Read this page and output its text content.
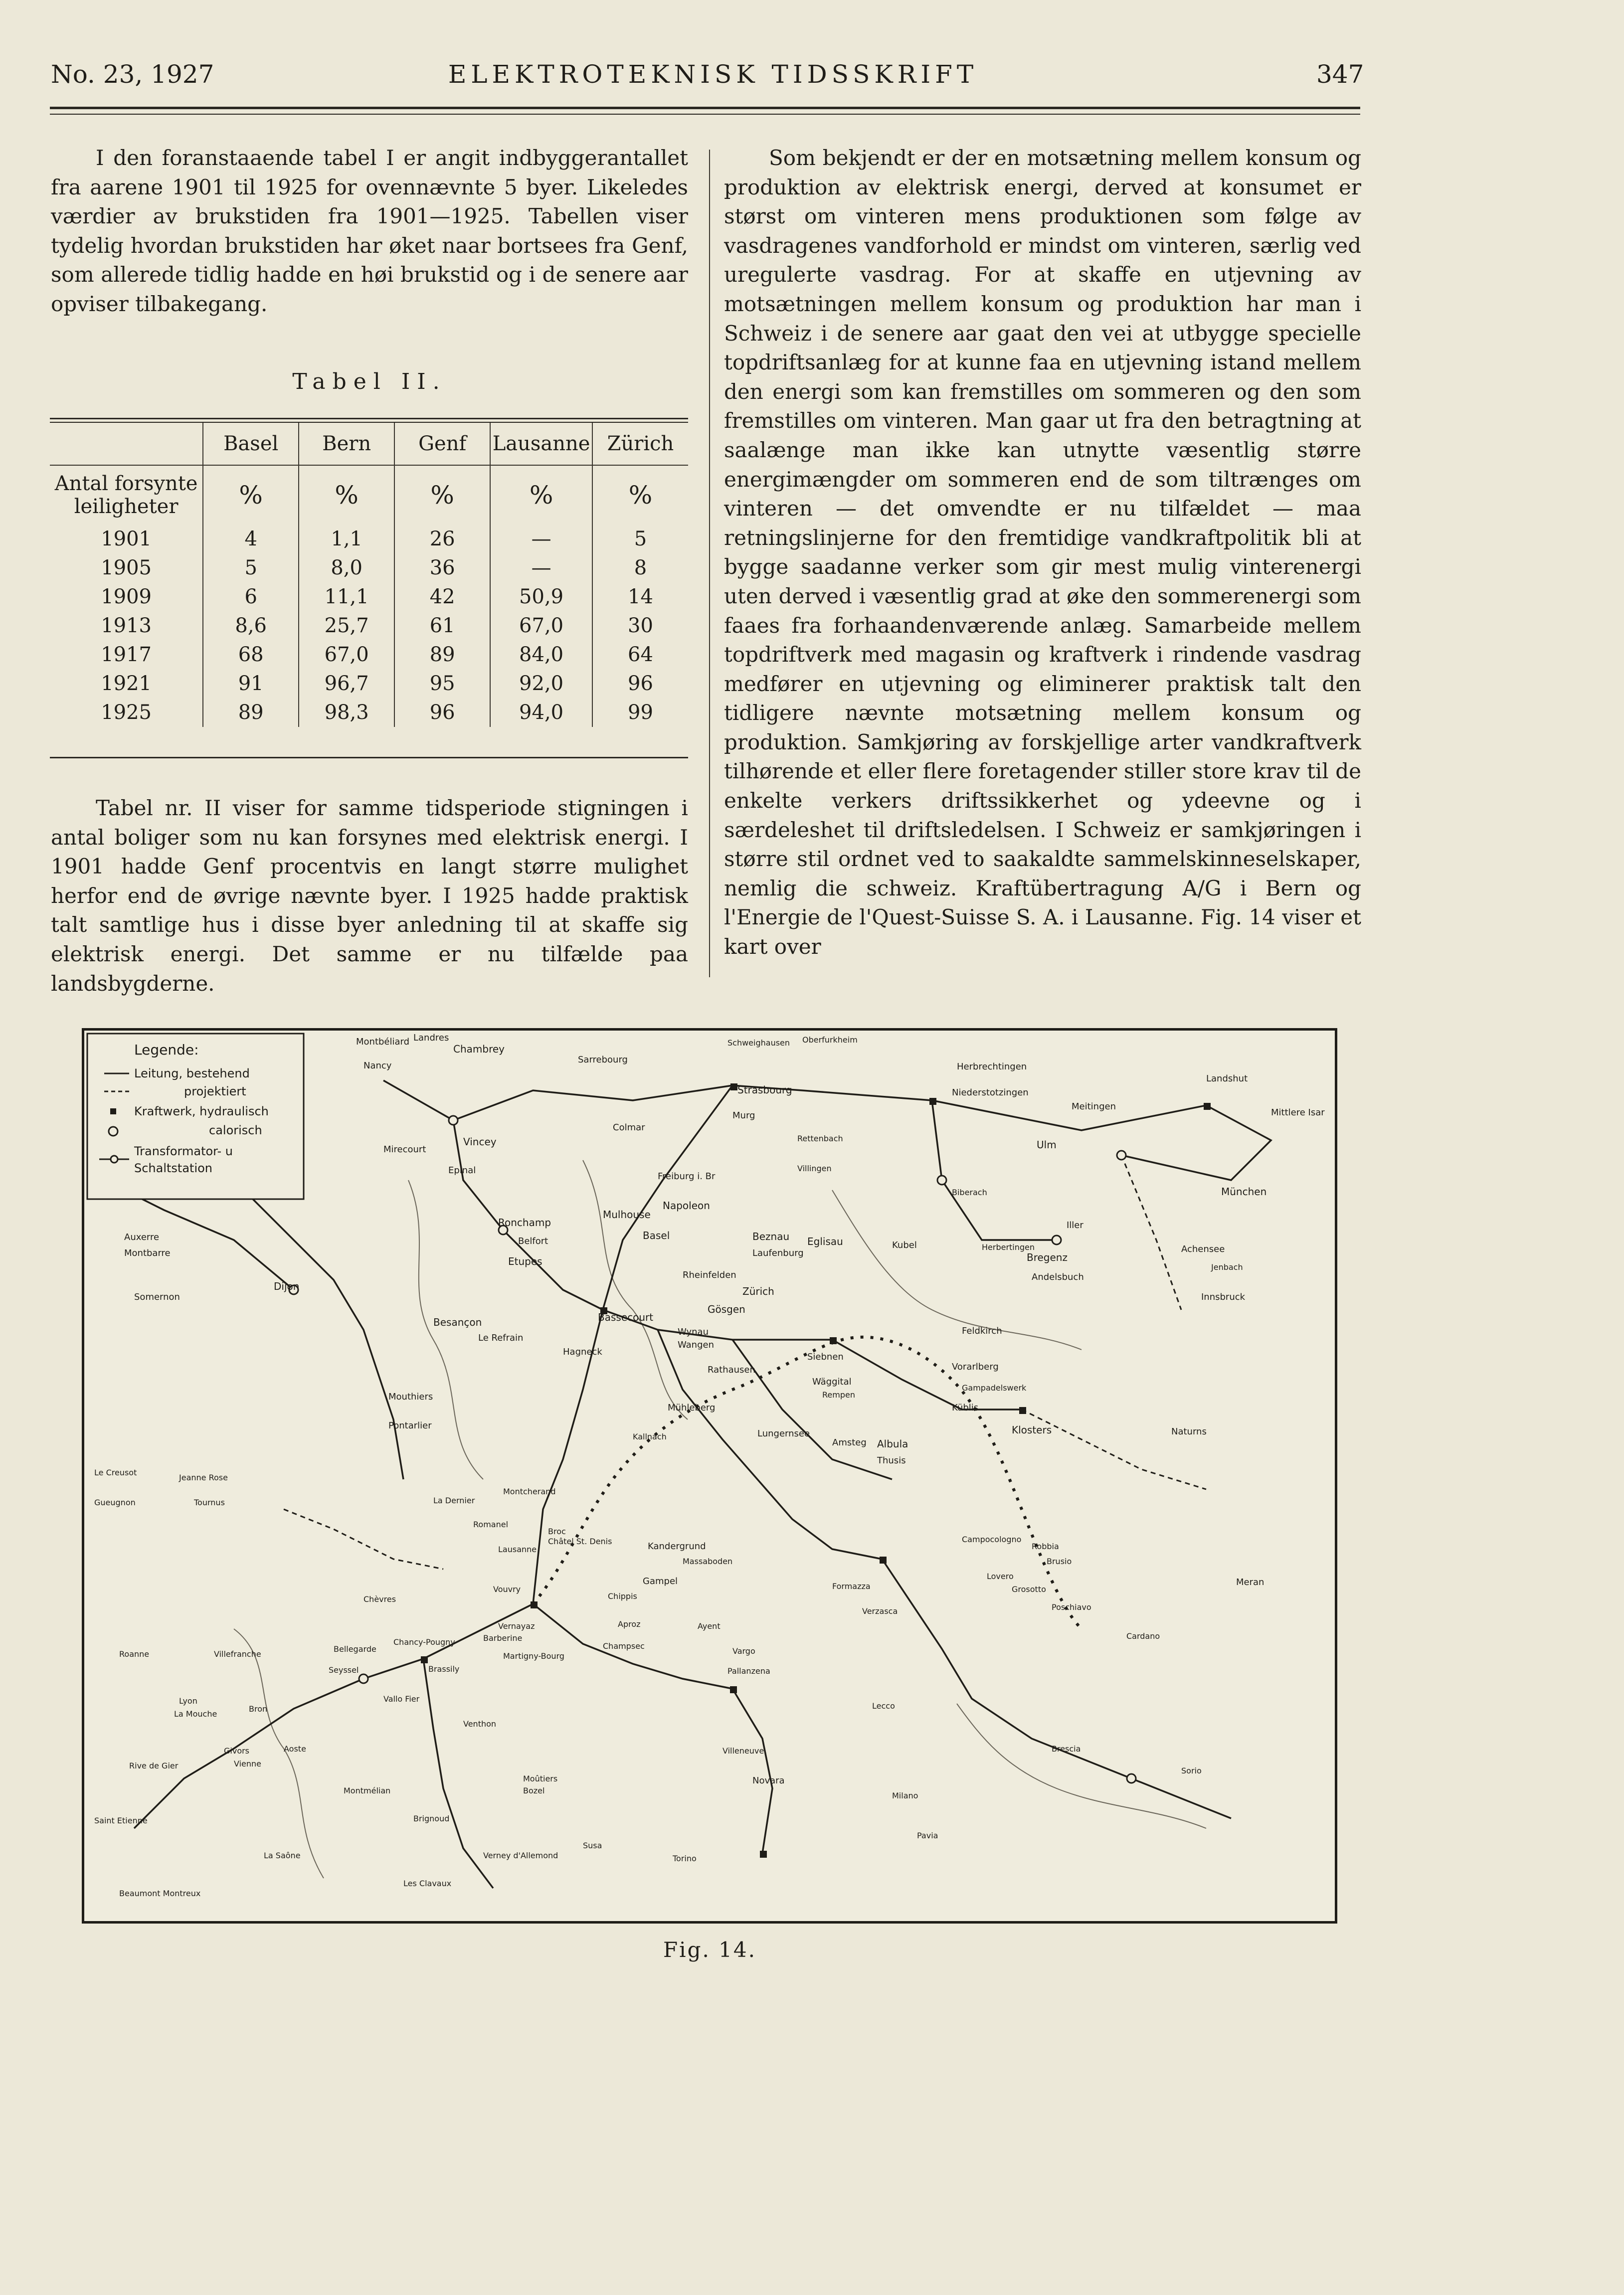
No. 23, 1927	ELEKTROTEKNISK TIDSSKRIFT	347

I den foranstaaende tabel I er angit indbyggerantallet fra aarene 1901 til 1925 for ovennævnte 5 byer. Likeledes værdier av brukstiden fra 1901—1925. Tabellen viser tydelig hvordan brukstiden har øket naar bortsees fra Genf, som allerede tidlig hadde en høi brukstid og i de senere aar opviser tilbakegang.

Tabel II.
	Basel	Bern	Genf	Lausanne	Zürich
Antal forsynte leiligheter	%	%	%	%	%
1901	4	1,1	26	—	5
1905	5	8,0	36	—	8
1909	6	11,1	42	50,9	14
1913	8,6	25,7	61	67,0	30
1917	68	67,0	89	84,0	64
1921	91	96,7	95	92,0	96
1925	89	98,3	96	94,0	99

Tabel nr. II viser for samme tidsperiode stigningen i antal boliger som nu kan forsynes med elektrisk energi. I 1901 hadde Genf procentvis en langt større mulighet herfor end de øvrige nævnte byer. I 1925 hadde praktisk talt samtlige hus i disse byer anledning til at skaffe sig elektrisk energi. Det samme er nu tilfælde paa landsbygderne.

Som bekjendt er der en motsætning mellem konsum og produktion av elektrisk energi, derved at konsumet er størst om vinteren mens produktionen som følge av vasdragenes vandforhold er mindst om vinteren, særlig ved uregulerte vasdrag. For at skaffe en utjevning av motsætningen mellem konsum og produktion har man i Schweiz i de senere aar gaat den vei at utbygge specielle topdriftsanlæg for at kunne faa en utjevning istand mellem den energi som kan fremstilles om sommeren og den som fremstilles om vinteren. Man gaar ut fra den betragtning at saalænge man ikke kan utnytte væsentlig større energimængder om sommeren end de som tiltrænges om vinteren — det omvendte er nu tilfældet — maa retningslinjerne for den fremtidige vandkraftpolitik bli at bygge saadanne verker som gir mest mulig vinterenergi uten derved i væsentlig grad at øke den sommerenergi som faaes fra forhaandenværende anlæg. Samarbeide mellem topdriftverk med magasin og kraftverk i rindende vasdrag medfører en utjevning og eliminerer praktisk talt den tidligere nævnte motsætning mellem konsum og produktion. Samkjøring av forskjellige arter vandkraftverk tilhørende et eller flere foretagender stiller store krav til de enkelte verkers driftssikkerhet og ydeevne og i særdeleshet til driftsledelsen. I Schweiz er samkjøringen i større stil ordnet ved to saakaldte sammelskinneselskaper, nemlig die schweiz. Kraftübertragung A/G i Bern og l'Energie de l'Quest-Suisse S. A. i Lausanne. Fig. 14 viser et kart over

Legende:
Leitung, bestehend
projektiert
Kraftwerk, hydraulisch
calorisch
Transformator- u
Schaltstation
Montbéliard Landres
Chambrey
Nancy
Sarrebourg
Schweighausen Oberfurkheim
Herbrechtingen
Niederstotzingen
Meitingen
Landshut
Mittlere Isar
München
Ulm
Strasbourg
Murg
Rettenbach
Villingen
Biberach
Iller
Herbertingen
Epinal
Vincey
Mirecourt
Colmar
Freiburg i. Br
Napoleon
Mulhouse
Ronchamp
Belfort
Etupes
Basel
Rheinfelden
Laufenburg
Beznau Eglisau	Kubel
Bregenz
Andelsbuch
Achensee
Jenbach
Innsbruck
Dijon
Somernon
Montbarre
Auxerre
Besançon
Le Refrain
Hagneck
Bassecourt
Gösgen
Zürich
Wynau
Wangen
Rathausen
Siebnen
Wäggital
Rempen
Feldkirch
Vorarlberg
Gampadelswerk
Küblis
Klosters	Naturns
Pontarlier
Mouthiers
Mühleberg
Kallnach	Lungernsee
Amsteg Albula
Thusis
Le Creusot
Jeanne Rose
Gueugnon	Tournus	La Dernier
Montcherand
Romanel
Lausanne
Broc
Châtel St. Denis	Kandergrund
Massaboden
Campocologno
Brusio
Robbia
Poschiavo
Meran
Cardano
Chèvres
Vouvry
Gampel
Chippis
Formazza
Verzasca
Grosotto
Lovero
Roanne	Villefranche
Bellegarde
Chancy-Pougny
Seyssel	Brassily
Vernayaz
Barberine
Martigny-Bourg
Aproz
Champsec
Ayent
Vargo
Pallanzena
Lyon
La Mouche
Bron
Givors
Vienne
Aoste
Vallo Fier
Venthon
Villeneuve
Lecco
Brescia
Sorio
Novara
Milano
Pavia
Montmélian
Moûtiers
Bozel
Brignoud
Verney d'Allemond
Les Clavaux
Susa
Torino
Saint Etienne
Rive de Gier
Beaumont Montreux
La Saône
Fig. 14.
